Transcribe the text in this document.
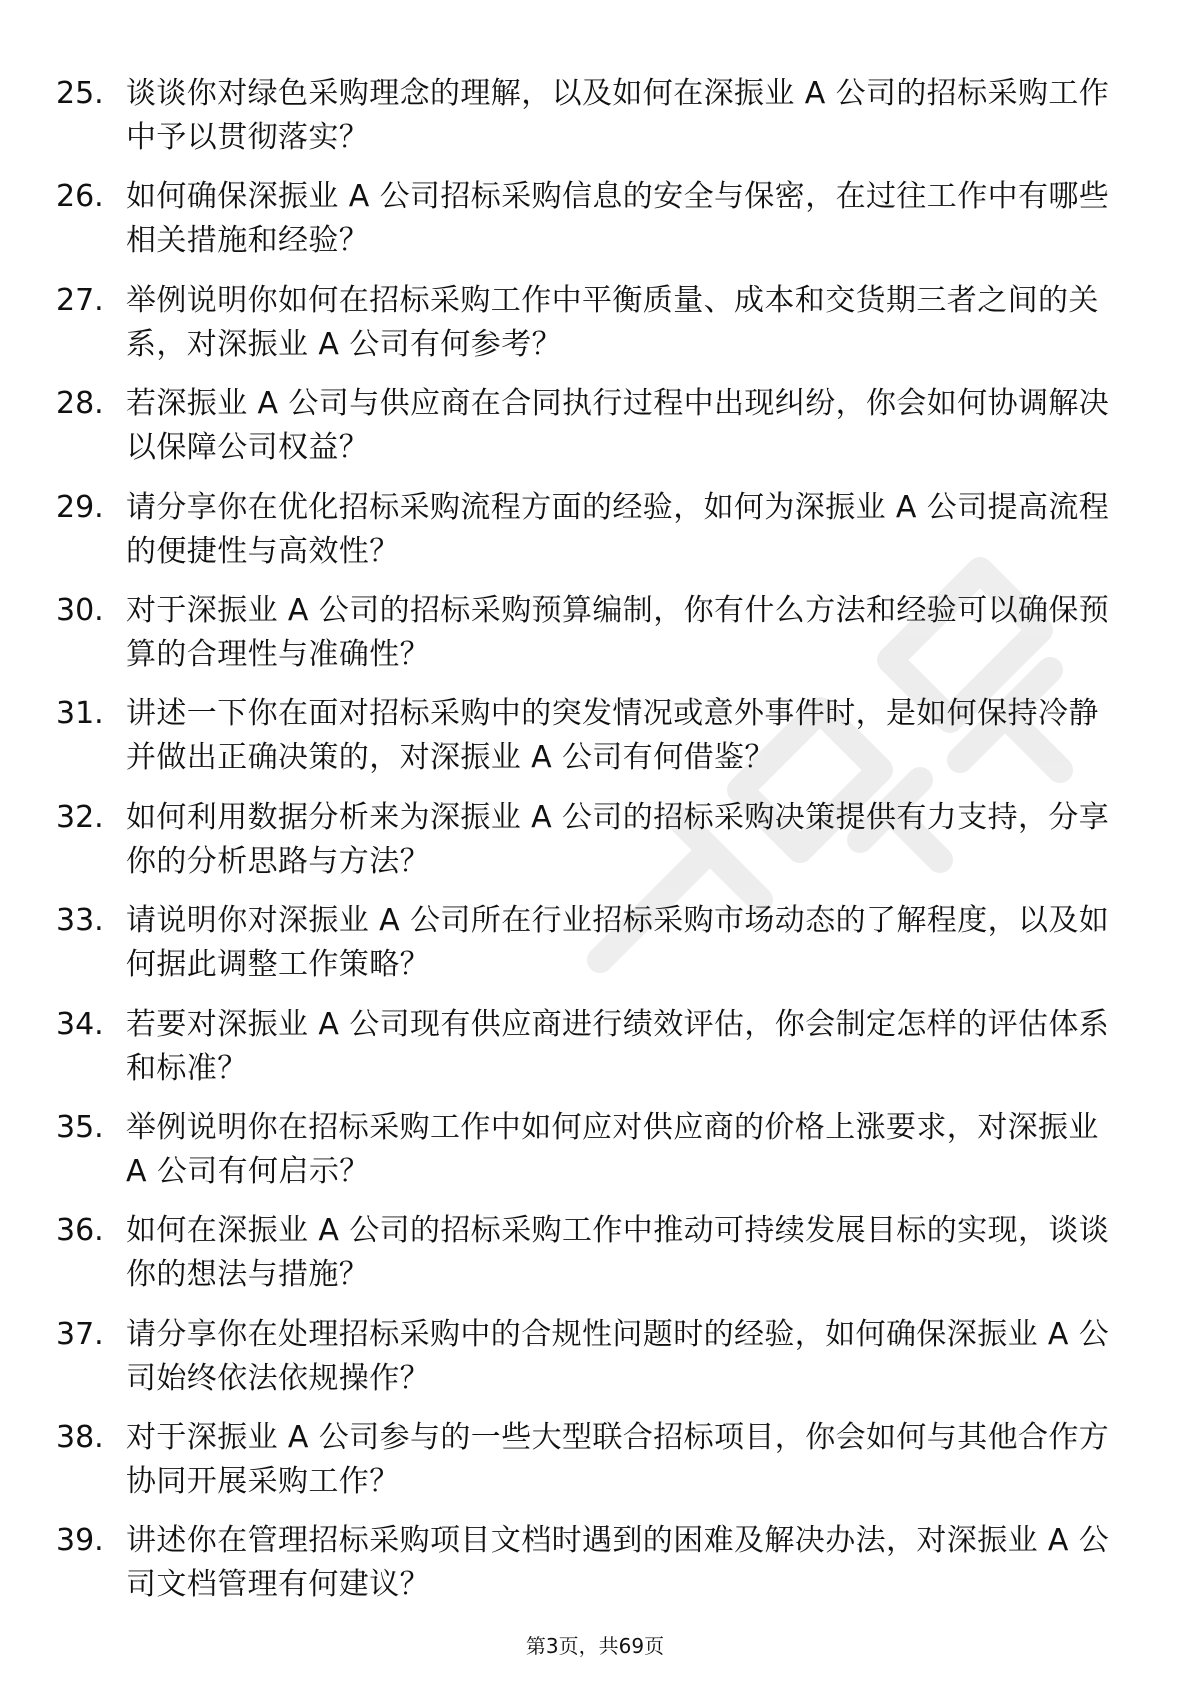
25. 谈谈你对绿色采购理念的理解，以及如何在深振业 A 公司的招标采购工作中予以贯彻落实？
26. 如何确保深振业 A 公司招标采购信息的安全与保密，在过往工作中有哪些相关措施和经验？
27. 举例说明你如何在招标采购工作中平衡质量、成本和交货期三者之间的关系，对深振业 A 公司有何参考？
28. 若深振业 A 公司与供应商在合同执行过程中出现纠纷，你会如何协调解决以保障公司权益？
29. 请分享你在优化招标采购流程方面的经验，如何为深振业 A 公司提高流程的便捷性与高效性？
30. 对于深振业 A 公司的招标采购预算编制，你有什么方法和经验可以确保预算的合理性与准确性？
31. 讲述一下你在面对招标采购中的突发情况或意外事件时，是如何保持冷静并做出正确决策的，对深振业 A 公司有何借鉴？
32. 如何利用数据分析来为深振业 A 公司的招标采购决策提供有力支持，分享你的分析思路与方法？
33. 请说明你对深振业 A 公司所在行业招标采购市场动态的了解程度，以及如何据此调整工作策略？
34. 若要对深振业 A 公司现有供应商进行绩效评估，你会制定怎样的评估体系和标准？
35. 举例说明你在招标采购工作中如何应对供应商的价格上涨要求，对深振业 A 公司有何启示？
36. 如何在深振业 A 公司的招标采购工作中推动可持续发展目标的实现，谈谈你的想法与措施？
37. 请分享你在处理招标采购中的合规性问题时的经验，如何确保深振业 A 公司始终依法依规操作？
38. 对于深振业 A 公司参与的一些大型联合招标项目，你会如何与其他合作方协同开展采购工作？
39. 讲述你在管理招标采购项目文档时遇到的困难及解决办法，对深振业 A 公司文档管理有何建议？
第3页，共69页
